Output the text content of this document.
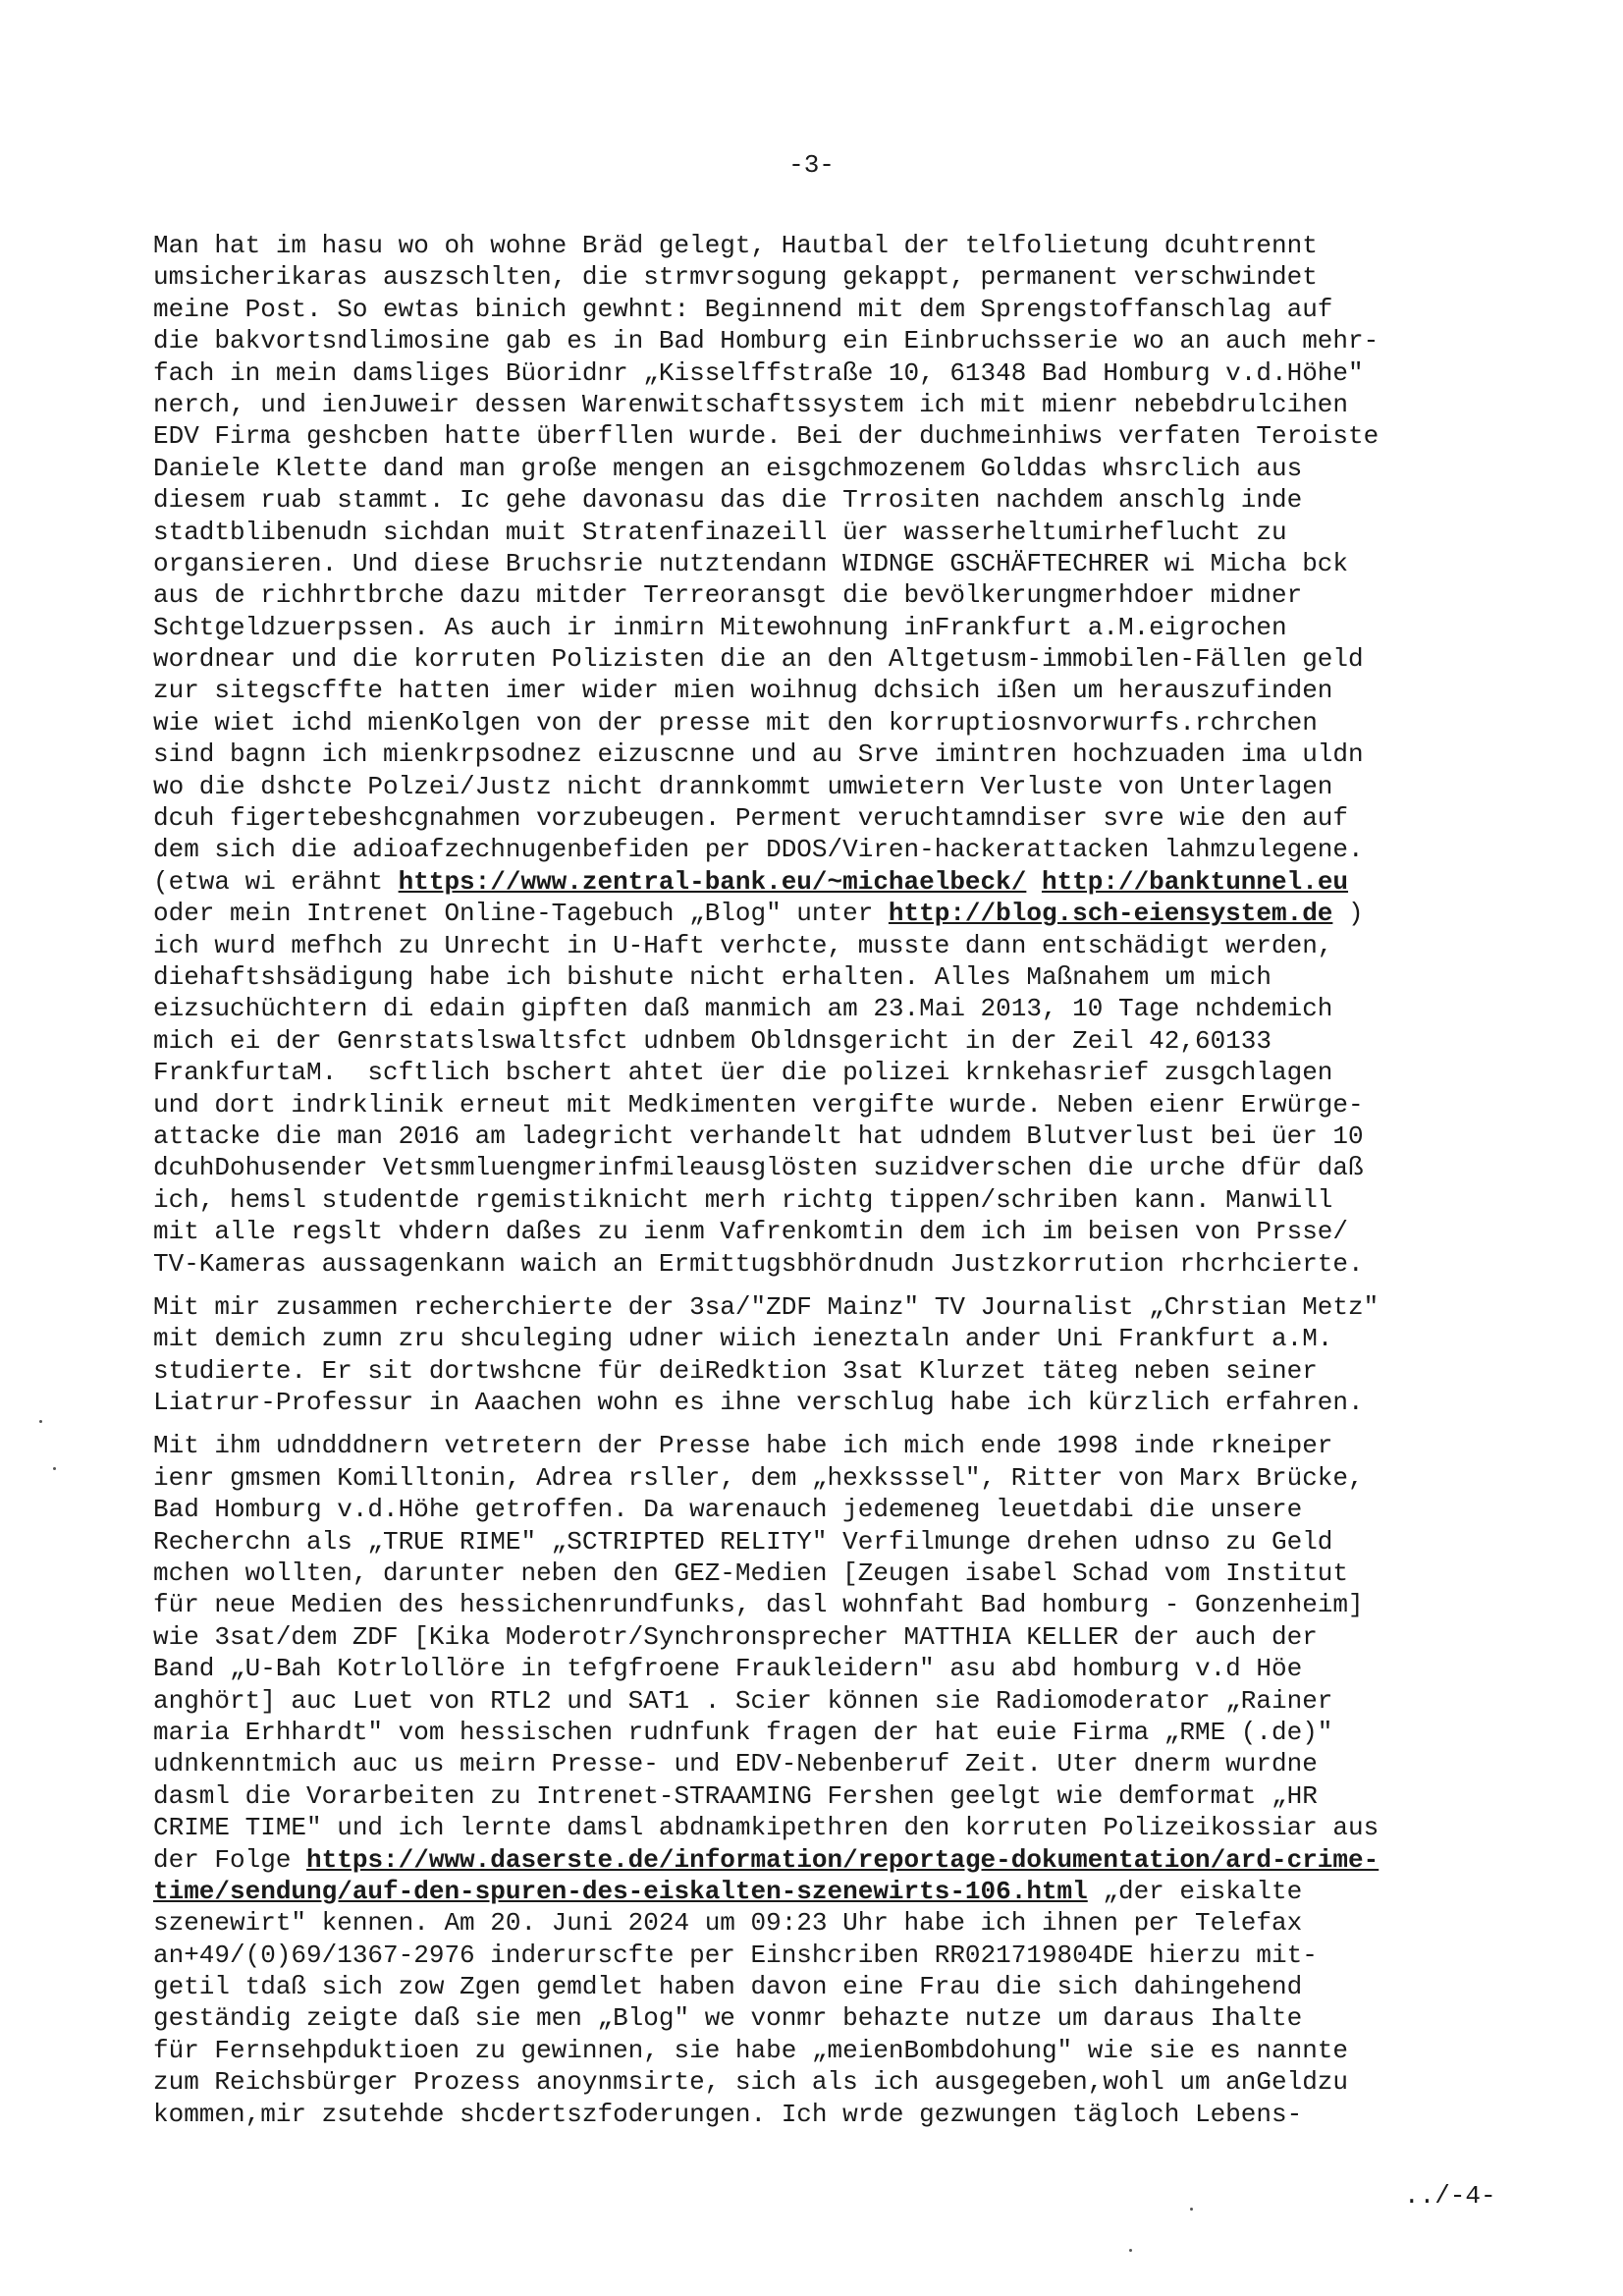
-3-
Man hat im hasu wo oh wohne Bräd gelegt, Hautbal der telfolietung dcuhtrennt
umsicherikaras auszschlten, die strmvrsogung gekappt, permanent verschwindet
meine Post. So ewtas binich gewhnt: Beginnend mit dem Sprengstoffanschlag auf
die bakvortsndlimosine gab es in Bad Homburg ein Einbruchsserie wo an auch mehr-
fach in mein damsliges Büoridnr „Kisselffstraße 10, 61348 Bad Homburg v.d.Höhe"
nerch, und ienJuweir dessen Warenwitschaftssystem ich mit mienr nebebdrulcihen
EDV Firma geshcben hatte überfllen wurde. Bei der duchmeinhiws verfaten Teroiste
Daniele Klette dand man große mengen an eisgchmozenem Golddas whsrclich aus
diesem ruab stammt. Ic gehe davonasu das die Trrositen nachdem anschlg inde
stadtblibenudn sichdan muit Stratenfinazeill üer wasserheltumirheflucht zu
organsieren. Und diese Bruchsrie nutztendann WIDNGE GSCHÄFTECHRER wi Micha bck
aus de richhrtbrche dazu mitder Terreoransgt die bevölkerungmerhdoer midner
Schtgeldzuerpssen. As auch ir inmirn Mitewohnung inFrankfurt a.M.eigrochen
wordnear und die korruten Polizisten die an den Altgetusm-immobilen-Fällen geld
zur sitegscffte hatten imer wider mien woihnug dchsich ißen um herauszufinden
wie wiet ichd mienKolgen von der presse mit den korruptiosnvorwurfs.rchrchen
sind bagnn ich mienkrpsodnez eizuscnne und au Srve imintren hochzuaden ima uldn
wo die dshcte Polzei/Justz nicht drannkommt umwietern Verluste von Unterlagen
dcuh figertebeshcgnahmen vorzubeugen. Perment veruchtamndiser svre wie den auf
dem sich die adioafzechnugenbefiden per DDOS/Viren-hackerattacken lahmzulegene.
(etwa wi erähnt https://www.zentral-bank.eu/~michaelbeck/ http://banktunnel.eu
oder mein Intrenet Online-Tagebuch „Blog" unter http://blog.sch-eiensystem.de )
ich wurd mefhch zu Unrecht in U-Haft verhcte, musste dann entschädigt werden,
diehaftshsädigung habe ich bishute nicht erhalten. Alles Maßnahem um mich
eizsuchüchtern di edain gipften daß manmich am 23.Mai 2013, 10 Tage nchdemich
mich ei der Genrstatslswaltsfct udnbem Obldnsgericht in der Zeil 42,60133
FrankfurtaM.  scftlich bschert ahtet üer die polizei krnkehasrief zusgchlagen
und dort indrklinik erneut mit Medkimenten vergifte wurde. Neben eienr Erwürge-
attacke die man 2016 am ladegricht verhandelt hat udndem Blutverlust bei üer 10
dcuhDohusender Vetsmmluengmerinfmileausglösten suzidverschen die urche dfür daß
ich, hemsl studentde rgemistiknicht merh richtg tippen/schriben kann. Manwill
mit alle regslt vhdern daßes zu ienm Vafrenkomtin dem ich im beisen von Prsse/
TV-Kameras aussagenkann waich an Ermittugsbhördnudn Justzkorrution rhcrhcierte.
Mit mir zusammen recherchierte der 3sa/"ZDF Mainz" TV Journalist „Chrstian Metz"
mit demich zumn zru shculeging udner wiich ieneztaln ander Uni Frankfurt a.M.
studierte. Er sit dortwshcne für deiRedktion 3sat Klurzet täteg neben seiner
Liatrur-Professur in Aaachen wohn es ihne verschlug habe ich kürzlich erfahren.
Mit ihm udndddnern vetretern der Presse habe ich mich ende 1998 inde rkneiper
ienr gmsmen Komilltonin, Adrea rsller, dem „hexksssel", Ritter von Marx Brücke,
Bad Homburg v.d.Höhe getroffen. Da warenauch jedemeneg leuetdabi die unsere
Recherchn als „TRUE RIME" „SCTRIPTED RELITY" Verfilmunge drehen udnso zu Geld
mchen wollten, darunter neben den GEZ-Medien [Zeugen isabel Schad vom Institut
für neue Medien des hessichenrundfunks, dasl wohnfaht Bad homburg - Gonzenheim]
wie 3sat/dem ZDF [Kika Moderotr/Synchronsprecher MATTHIA KELLER der auch der
Band „U-Bah Kotrlollöre in tefgfroene Fraukleidern" asu abd homburg v.d Höe
anghört] auc Luet von RTL2 und SAT1 . Scier können sie Radiomoderator „Rainer
maria Erhhardt" vom hessischen rudnfunk fragen der hat euie Firma „RME (.de)"
udnkenntmich auc us meirn Presse- und EDV-Nebenberuf Zeit. Uter dnerm wurdne
dasml die Vorarbeiten zu Intrenet-STRAAMING Fershen geelgt wie demformat „HR
CRIME TIME" und ich lernte damsl abdnamkipethren den korruten Polizeikossiar aus
der Folge https://www.daserste.de/information/reportage-dokumentation/ard-crime-
time/sendung/auf-den-spuren-des-eiskalten-szenewirts-106.html „der eiskalte
szenewirt" kennen. Am 20. Juni 2024 um 09:23 Uhr habe ich ihnen per Telefax
an+49/(0)69/1367-2976 inderurscfte per Einshcriben RR021719804DE hierzu mit-
getil tdaß sich zow Zgen gemdlet haben davon eine Frau die sich dahingehend
geständig zeigte daß sie men „Blog" we vonmr behazte nutze um daraus Ihalte
für Fernsehpduktioen zu gewinnen, sie habe „meienBombdohung" wie sie es nannte
zum Reichsbürger Prozess anoynmsirte, sich als ich ausgegeben,wohl um anGeldzu
kommen,mir zsutehde shcdertszfoderungen. Ich wrde gezwungen tägloch Lebens-
../-4-
